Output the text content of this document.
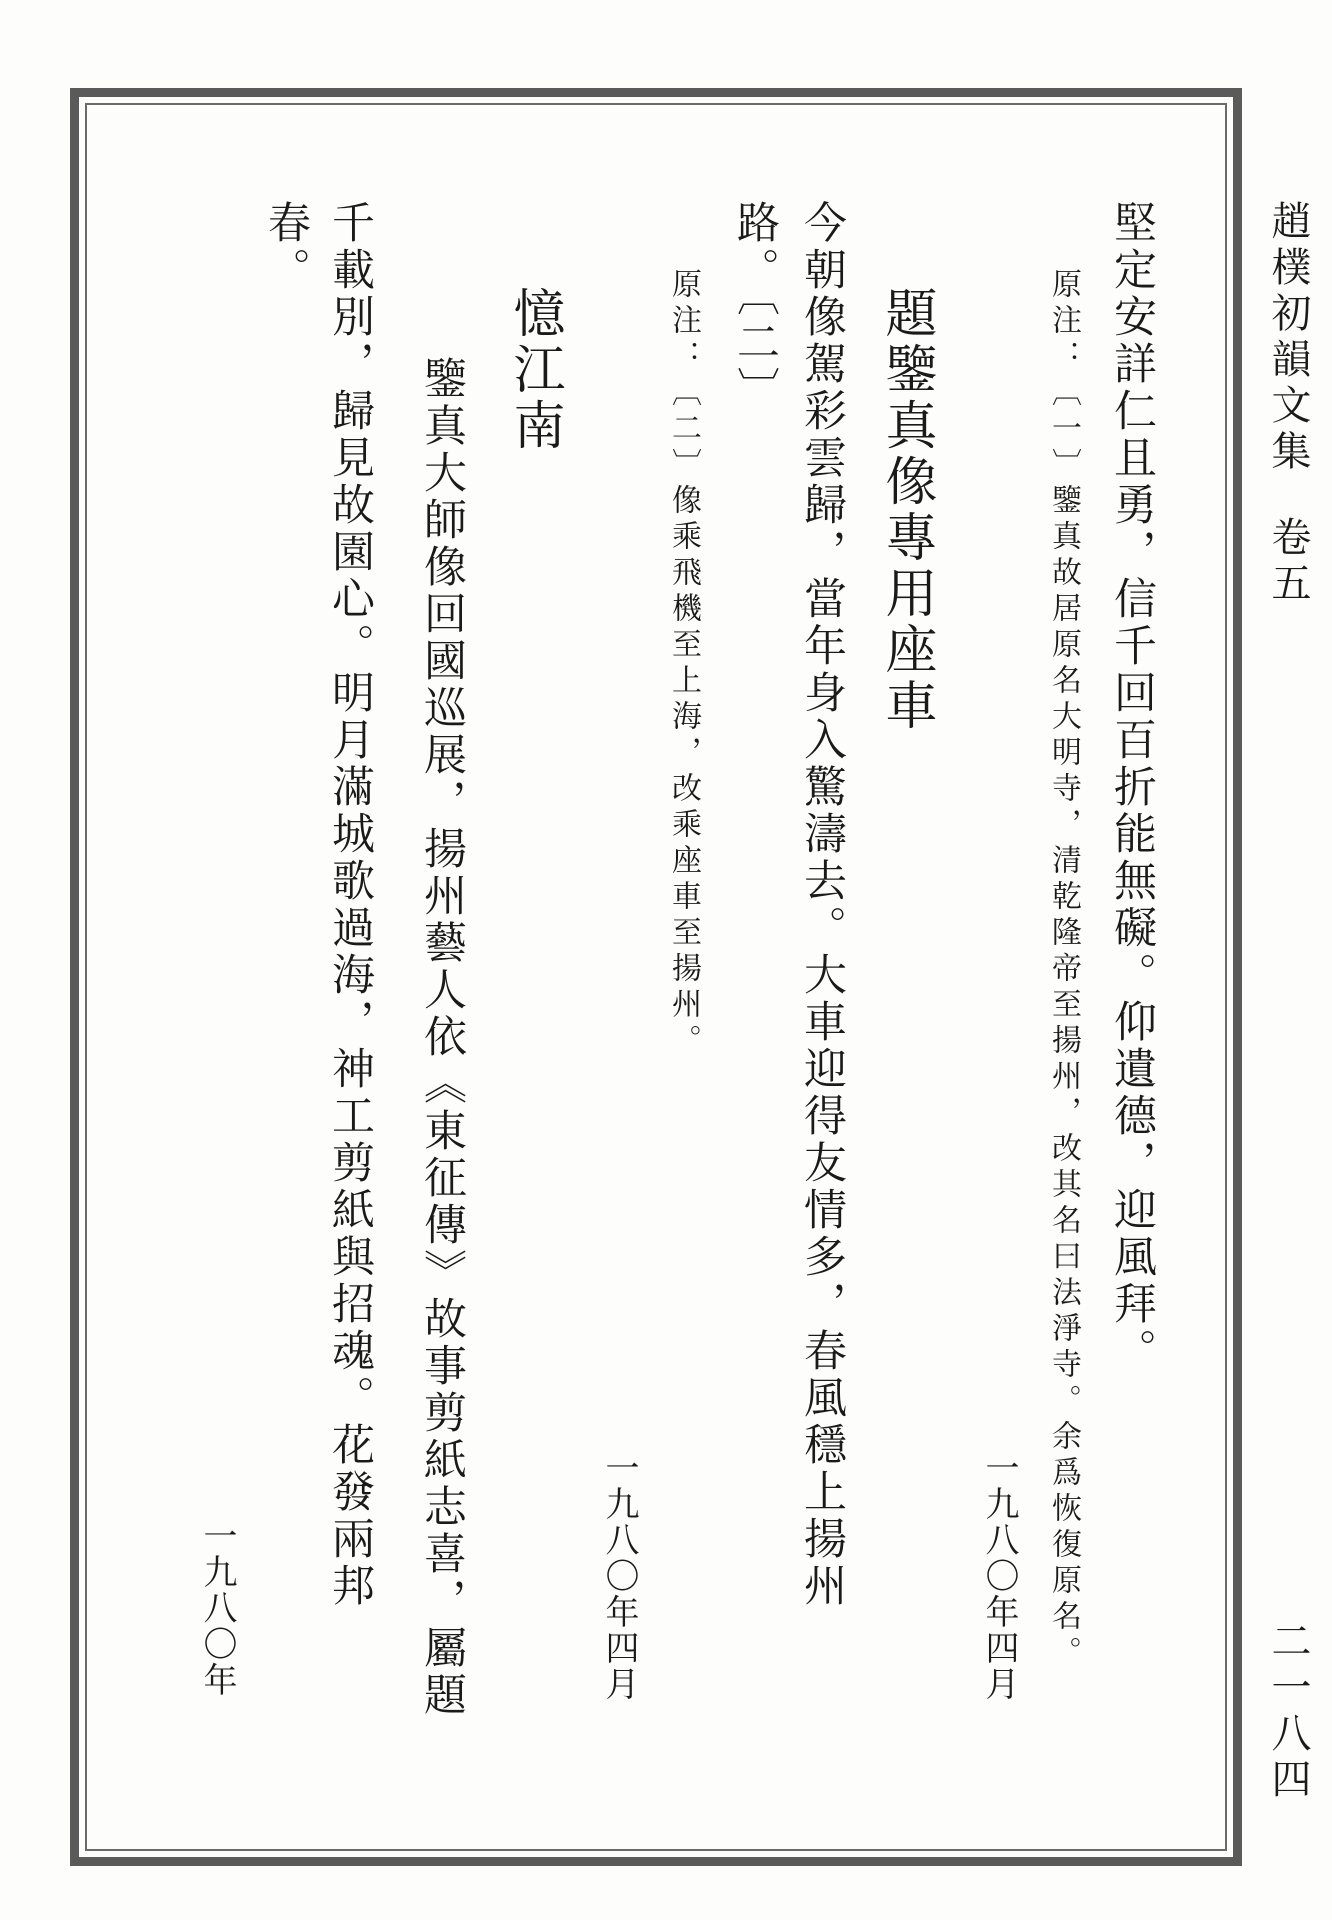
趙樸初韻文集卷五
二一八四
堅定安詳仁且勇，信千回百折能無礙。仰遺德，迎風拜。
原注：〔一〕鑒真故居原名大明寺，清乾隆帝至揚州，改其名曰法淨寺。余爲恢復原名。
一九八〇年四月
題鑒真像專用座車
今朝像駕彩雲歸，當年身入驚濤去。大車迎得友情多，春風穩上揚州
路。〔二〕
原注：〔二〕像乘飛機至上海，改乘座車至揚州。
一九八〇年四月
憶江南
鑒真大師像回國巡展，揚州藝人依《東征傳》故事剪紙志喜，屬題
千載別，歸見故園心。明月滿城歌過海，神工剪紙與招魂。花發兩邦
春。
一九八〇年
